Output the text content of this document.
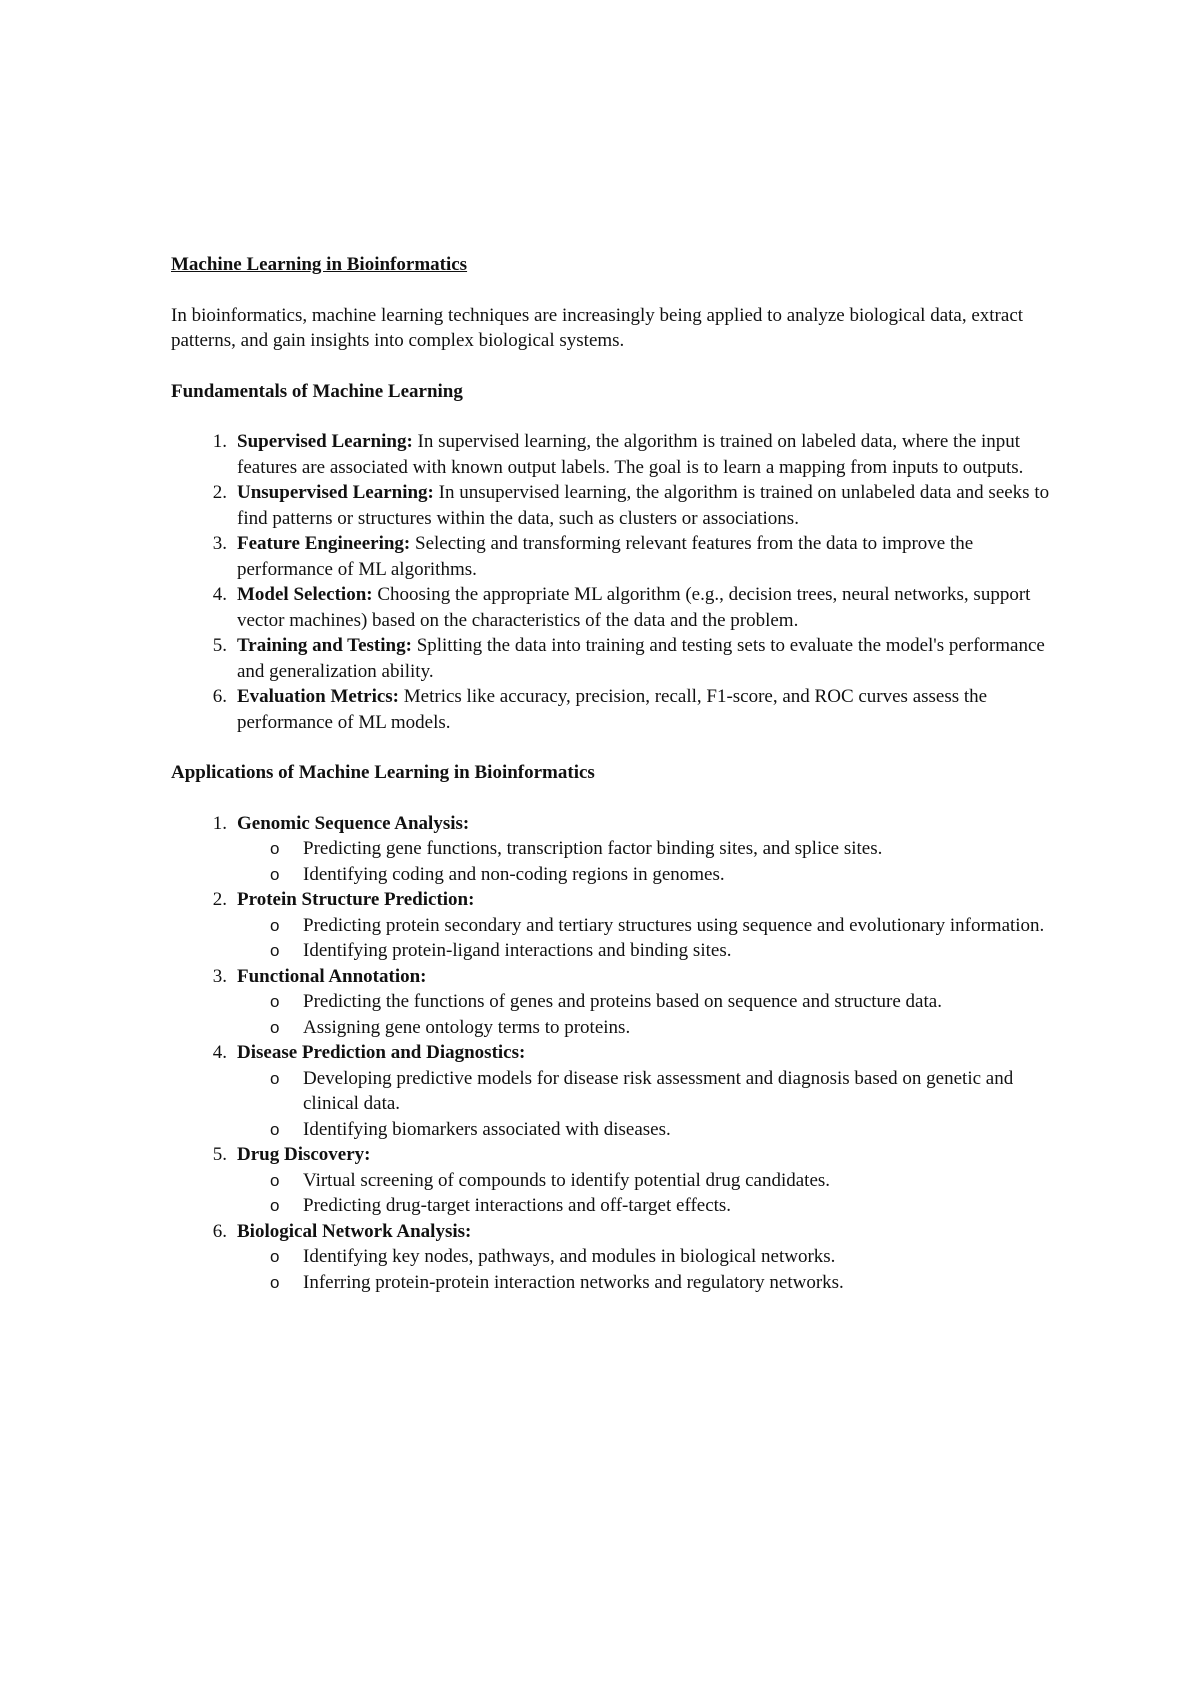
Machine Learning in Bioinformatics
In bioinformatics, machine learning techniques are increasingly being applied to analyze biological data, extract patterns, and gain insights into complex biological systems.
Fundamentals of Machine Learning
1. Supervised Learning: In supervised learning, the algorithm is trained on labeled data, where the input features are associated with known output labels. The goal is to learn a mapping from inputs to outputs.
2. Unsupervised Learning: In unsupervised learning, the algorithm is trained on unlabeled data and seeks to find patterns or structures within the data, such as clusters or associations.
3. Feature Engineering: Selecting and transforming relevant features from the data to improve the performance of ML algorithms.
4. Model Selection: Choosing the appropriate ML algorithm (e.g., decision trees, neural networks, support vector machines) based on the characteristics of the data and the problem.
5. Training and Testing: Splitting the data into training and testing sets to evaluate the model's performance and generalization ability.
6. Evaluation Metrics: Metrics like accuracy, precision, recall, F1-score, and ROC curves assess the performance of ML models.
Applications of Machine Learning in Bioinformatics
1. Genomic Sequence Analysis:
o Predicting gene functions, transcription factor binding sites, and splice sites.
o Identifying coding and non-coding regions in genomes.
2. Protein Structure Prediction:
o Predicting protein secondary and tertiary structures using sequence and evolutionary information.
o Identifying protein-ligand interactions and binding sites.
3. Functional Annotation:
o Predicting the functions of genes and proteins based on sequence and structure data.
o Assigning gene ontology terms to proteins.
4. Disease Prediction and Diagnostics:
o Developing predictive models for disease risk assessment and diagnosis based on genetic and clinical data.
o Identifying biomarkers associated with diseases.
5. Drug Discovery:
o Virtual screening of compounds to identify potential drug candidates.
o Predicting drug-target interactions and off-target effects.
6. Biological Network Analysis:
o Identifying key nodes, pathways, and modules in biological networks.
o Inferring protein-protein interaction networks and regulatory networks.
